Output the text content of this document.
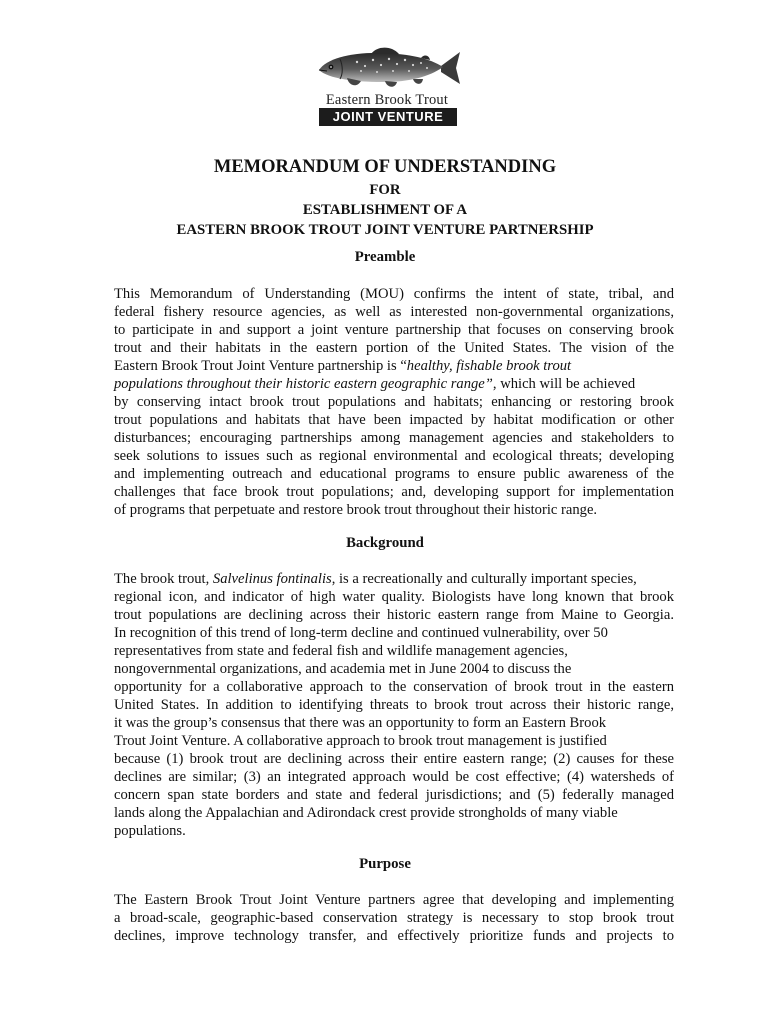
Eastern Brook Trout
JOINT VENTURE
MEMORANDUM OF UNDERSTANDING
FOR
ESTABLISHMENT OF A
EASTERN BROOK TROUT JOINT VENTURE PARTNERSHIP
Preamble
This Memorandum of Understanding (MOU) confirms the intent of state, tribal, and
federal fishery resource agencies, as well as interested non-governmental organizations,
to participate in and support a joint venture partnership that focuses on conserving brook
trout and their habitats in the eastern portion of the United States. The vision of the
Eastern Brook Trout Joint Venture partnership is “healthy, fishable brook trout
populations throughout their historic eastern geographic range”, which will be achieved
by conserving intact brook trout populations and habitats; enhancing or restoring brook
trout populations and habitats that have been impacted by habitat modification or other
disturbances; encouraging partnerships among management agencies and stakeholders to
seek solutions to issues such as regional environmental and ecological threats; developing
and implementing outreach and educational programs to ensure public awareness of the
challenges that face brook trout populations; and, developing support for implementation
of programs that perpetuate and restore brook trout throughout their historic range.
Background
The brook trout, Salvelinus fontinalis, is a recreationally and culturally important species,
regional icon, and indicator of high water quality. Biologists have long known that brook
trout populations are declining across their historic eastern range from Maine to Georgia.
In recognition of this trend of long-term decline and continued vulnerability, over 50
representatives from state and federal fish and wildlife management agencies,
nongovernmental organizations, and academia met in June 2004 to discuss the
opportunity for a collaborative approach to the conservation of brook trout in the eastern
United States. In addition to identifying threats to brook trout across their historic range,
it was the group’s consensus that there was an opportunity to form an Eastern Brook
Trout Joint Venture. A collaborative approach to brook trout management is justified
because (1) brook trout are declining across their entire eastern range; (2) causes for these
declines are similar; (3) an integrated approach would be cost effective; (4) watersheds of
concern span state borders and state and federal jurisdictions; and (5) federally managed
lands along the Appalachian and Adirondack crest provide strongholds of many viable
populations.
Purpose
The Eastern Brook Trout Joint Venture partners agree that developing and implementing
a broad-scale, geographic-based conservation strategy is necessary to stop brook trout
declines, improve technology transfer, and effectively prioritize funds and projects to
